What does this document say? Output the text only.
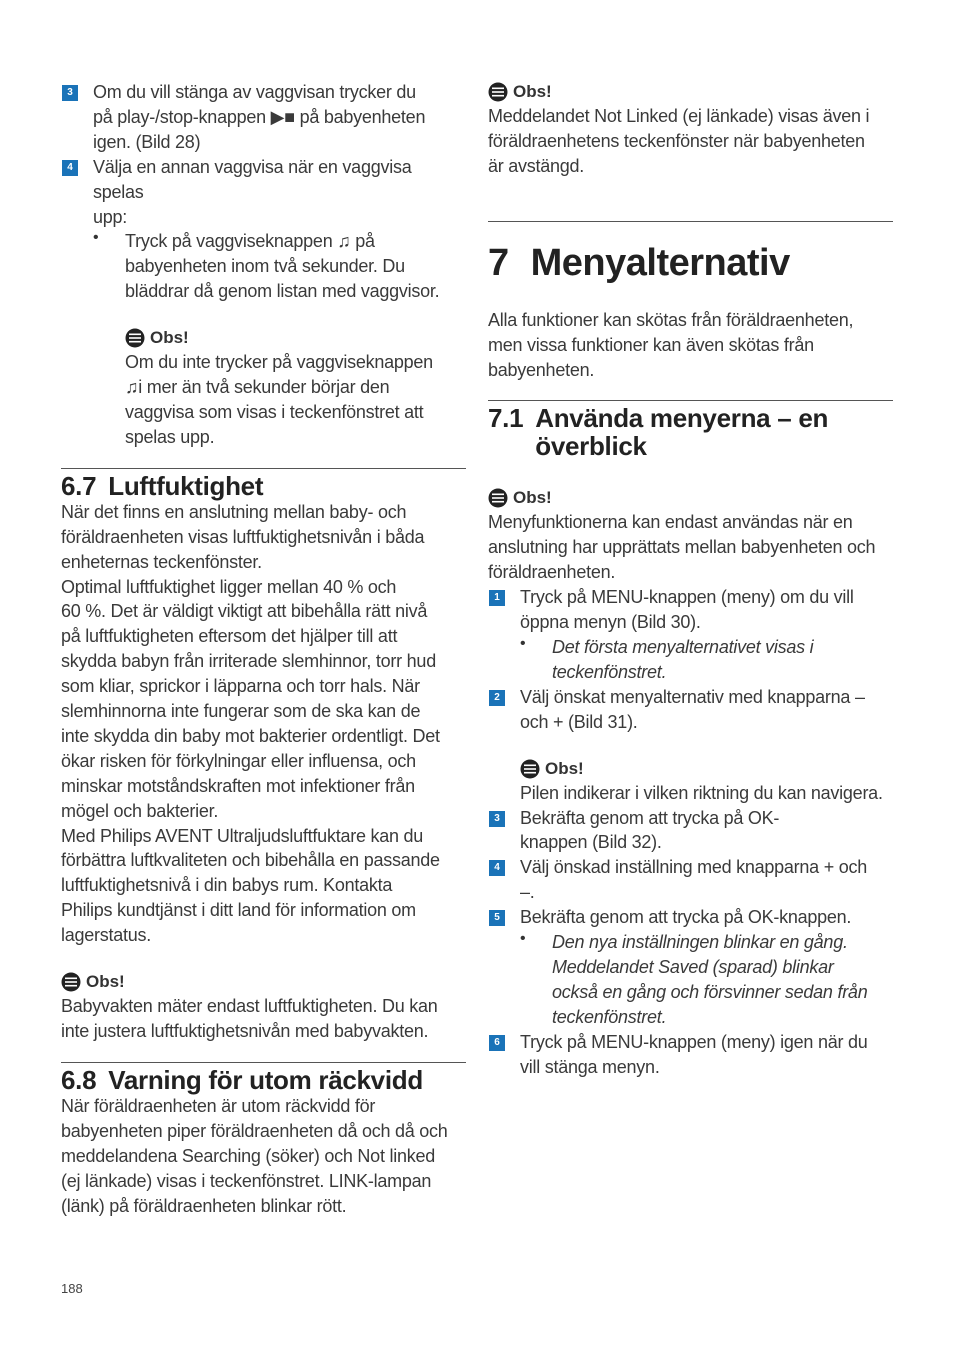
3 Om du vill stänga av vaggvisan trycker du

på play-/stop-knappen ▶■ på babyenheten

igen. (Bild 28)

4 Välja en annan vaggvisa när en vaggvisa spelas

upp:

• Tryck på vaggviseknappen ♫ på

babyenheten inom två sekunder. Du

bläddrar då genom listan med vaggvisor.

Obs!

Om du inte trycker på vaggviseknappen

♫i mer än två sekunder börjar den

vaggvisa som visas i teckenfönstret att

spelas upp.

6.7 Luftfuktighet

När det finns en anslutning mellan baby- och

föräldraenheten visas luftfuktighetsnivån i båda

enheternas teckenfönster.

Optimal luftfuktighet ligger mellan 40 % och

60 %. Det är väldigt viktigt att bibehålla rätt nivå

på luftfuktigheten eftersom det hjälper till att

skydda babyn från irriterade slemhinnor, torr hud

som kliar, sprickor i läpparna och torr hals. När

slemhinnorna inte fungerar som de ska kan de

inte skydda din baby mot bakterier ordentligt. Det

ökar risken för förkylningar eller influensa, och

minskar motståndskraften mot infektioner från

mögel och bakterier.

Med Philips AVENT Ultraljudsluftfuktare kan du

förbättra luftkvaliteten och bibehålla en passande

luftfuktighetsnivå i din babys rum. Kontakta

Philips kundtjänst i ditt land för information om

lagerstatus.

Obs!

Babyvakten mäter endast luftfuktigheten. Du kan

inte justera luftfuktighetsnivån med babyvakten.

6.8 Varning för utom räckvidd

När föräldraenheten är utom räckvidd för

babyenheten piper föräldraenheten då och då och

meddelandena Searching (söker) och Not linked

(ej länkade) visas i teckenfönstret. LINK-lampan

(länk) på föräldraenheten blinkar rött.

Obs!

Meddelandet Not Linked (ej länkade) visas även i

föräldraenhetens teckenfönster när babyenheten

är avstängd.

7 Menyalternativ

Alla funktioner kan skötas från föräldraenheten,

men vissa funktioner kan även skötas från

babyenheten.

7.1 Använda menyerna – en
överblick
Obs!

Menyfunktionerna kan endast användas när en

anslutning har upprättats mellan babyenheten och

föräldraenheten.

1 Tryck på MENU-knappen (meny) om du vill

öppna menyn (Bild 30).

• Det första menyalternativet visas i

teckenfönstret.

2 Välj önskat menyalternativ med knapparna –

och + (Bild 31).

Obs!

Pilen indikerar i vilken riktning du kan navigera.

3 Bekräfta genom att trycka på OK-

knappen (Bild 32).

4 Välj önskad inställning med knapparna + och

–.

5 Bekräfta genom att trycka på OK-knappen.

• Den nya inställningen blinkar en gång.

Meddelandet Saved (sparad) blinkar

också en gång och försvinner sedan från

teckenfönstret.

6 Tryck på MENU-knappen (meny) igen när du

vill stänga menyn.

188
